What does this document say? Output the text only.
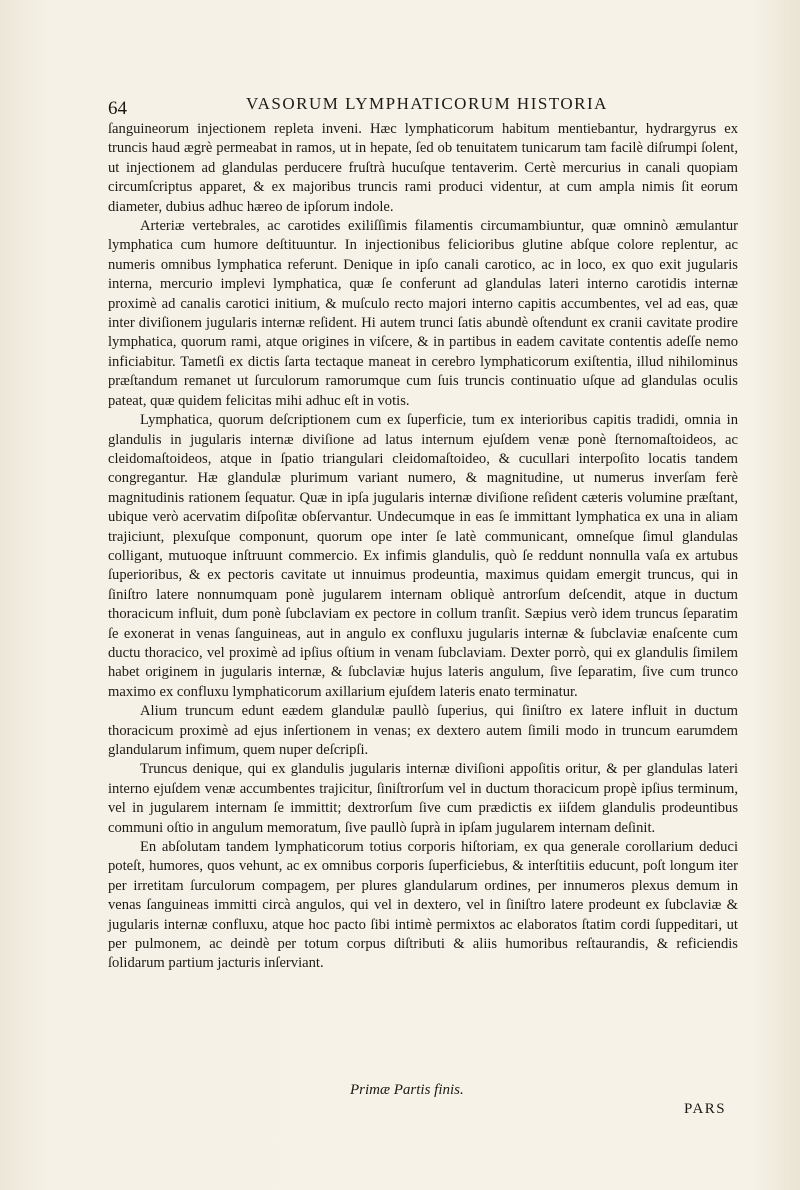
64	VASORUM LYMPHATICORUM HISTORIA

ſanguineorum injectionem repleta inveni. Hæc lymphaticorum habitum mentiebantur, hydrargyrus ex truncis haud ægrè permeabat in ramos, ut in hepate, ſed ob tenuitatem tunicarum tam facilè diſrumpi ſolent, ut injectionem ad glandulas perducere fruſtrà hucuſque tentaverim. Certè mercurius in canali quopiam circumſcriptus apparet, & ex majoribus truncis rami produci videntur, at cum ampla nimis ſit eorum diameter, dubius adhuc hæreo de ipſorum indole.

Arteriæ vertebrales, ac carotides exiliſſimis filamentis circumambiuntur, quæ omninò æmulantur lymphatica cum humore deſtituuntur. In injectionibus felicioribus glutine abſque colore replentur, ac numeris omnibus lymphatica referunt. Denique in ipſo canali carotico, ac in loco, ex quo exit jugularis interna, mercurio implevi lymphatica, quæ ſe conferunt ad glandulas lateri interno carotidis internæ proximè ad canalis carotici initium, & muſculo recto majori interno capitis accumbentes, vel ad eas, quæ inter diviſionem jugularis internæ reſident. Hi autem trunci ſatis abundè oſtendunt ex cranii cavitate prodire lymphatica, quorum rami, atque origines in viſcere, & in partibus in eadem cavitate contentis adeſſe nemo inficiabitur. Tametſi ex dictis ſarta tectaque maneat in cerebro lymphaticorum exiſtentia, illud nihilominus præſtandum remanet ut ſurculorum ramorumque cum ſuis truncis continuatio uſque ad glandulas oculis pateat, quæ quidem felicitas mihi adhuc eſt in votis.

Lymphatica, quorum deſcriptionem cum ex ſuperficie, tum ex interioribus capitis tradidi, omnia in glandulis in jugularis internæ diviſione ad latus internum ejuſdem venæ ponè ſternomaſtoideos, ac cleidomaſtoideos, atque in ſpatio triangulari cleidomaſtoideo, & cucullari interpoſito locatis tandem congregantur. Hæ glandulæ plurimum variant numero, & magnitudine, ut numerus inverſam ferè magnitudinis rationem ſequatur. Quæ in ipſa jugularis internæ diviſione reſident cæteris volumine præſtant, ubique verò acervatim diſpoſitæ obſervantur. Undecumque in eas ſe immittant lymphatica ex una in aliam trajiciunt, plexuſque componunt, quorum ope inter ſe latè communicant, omneſque ſimul glandulas colligant, mutuoque inſtruunt commercio. Ex infimis glandulis, quò ſe reddunt nonnulla vaſa ex artubus ſuperioribus, & ex pectoris cavitate ut innuimus prodeuntia, maximus quidam emergit truncus, qui in ſiniſtro latere nonnumquam ponè jugularem internam obliquè antrorſum deſcendit, atque in ductum thoracicum influit, dum ponè ſubclaviam ex pectore in collum tranſit. Sæpius verò idem truncus ſeparatim ſe exonerat in venas ſanguineas, aut in angulo ex confluxu jugularis internæ & ſubclaviæ enaſcente cum ductu thoracico, vel proximè ad ipſius oſtium in venam ſubclaviam. Dexter porrò, qui ex glandulis ſimilem habet originem in jugularis internæ, & ſubclaviæ hujus lateris angulum, ſive ſeparatim, ſive cum trunco maximo ex confluxu lymphaticorum axillarium ejuſdem lateris enato terminatur.

Alium truncum edunt eædem glandulæ paullò ſuperius, qui ſiniſtro ex latere influit in ductum thoracicum proximè ad ejus inſertionem in venas; ex dextero autem ſimili modo in truncum earumdem glandularum infimum, quem nuper deſcripſi.

Truncus denique, qui ex glandulis jugularis internæ diviſioni appoſitis oritur, & per glandulas lateri interno ejuſdem venæ accumbentes trajicitur, ſiniſtrorſum vel in ductum thoracicum propè ipſius terminum, vel in jugularem internam ſe immittit; dextrorſum ſive cum prædictis ex iiſdem glandulis prodeuntibus communi oſtio in angulum memoratum, ſive paullò ſuprà in ipſam jugularem internam deſinit.

En abſolutam tandem lymphaticorum totius corporis hiſtoriam, ex qua generale corollarium deduci poteſt, humores, quos vehunt, ac ex omnibus corporis ſuperficiebus, & interſtitiis educunt, poſt longum iter per irretitam ſurculorum compagem, per plures glandularum ordines, per innumeros plexus demum in venas ſanguineas immitti circà angulos, qui vel in dextero, vel in ſiniſtro latere prodeunt ex ſubclaviæ & jugularis internæ confluxu, atque hoc pacto ſibi intimè permixtos ac elaboratos ſtatim cordi ſuppeditari, ut per pulmonem, ac deindè per totum corpus diſtributi & aliis humoribus reſtaurandis, & reficiendis ſolidarum partium jacturis inſerviant.

Primæ Partis finis.
PARS
